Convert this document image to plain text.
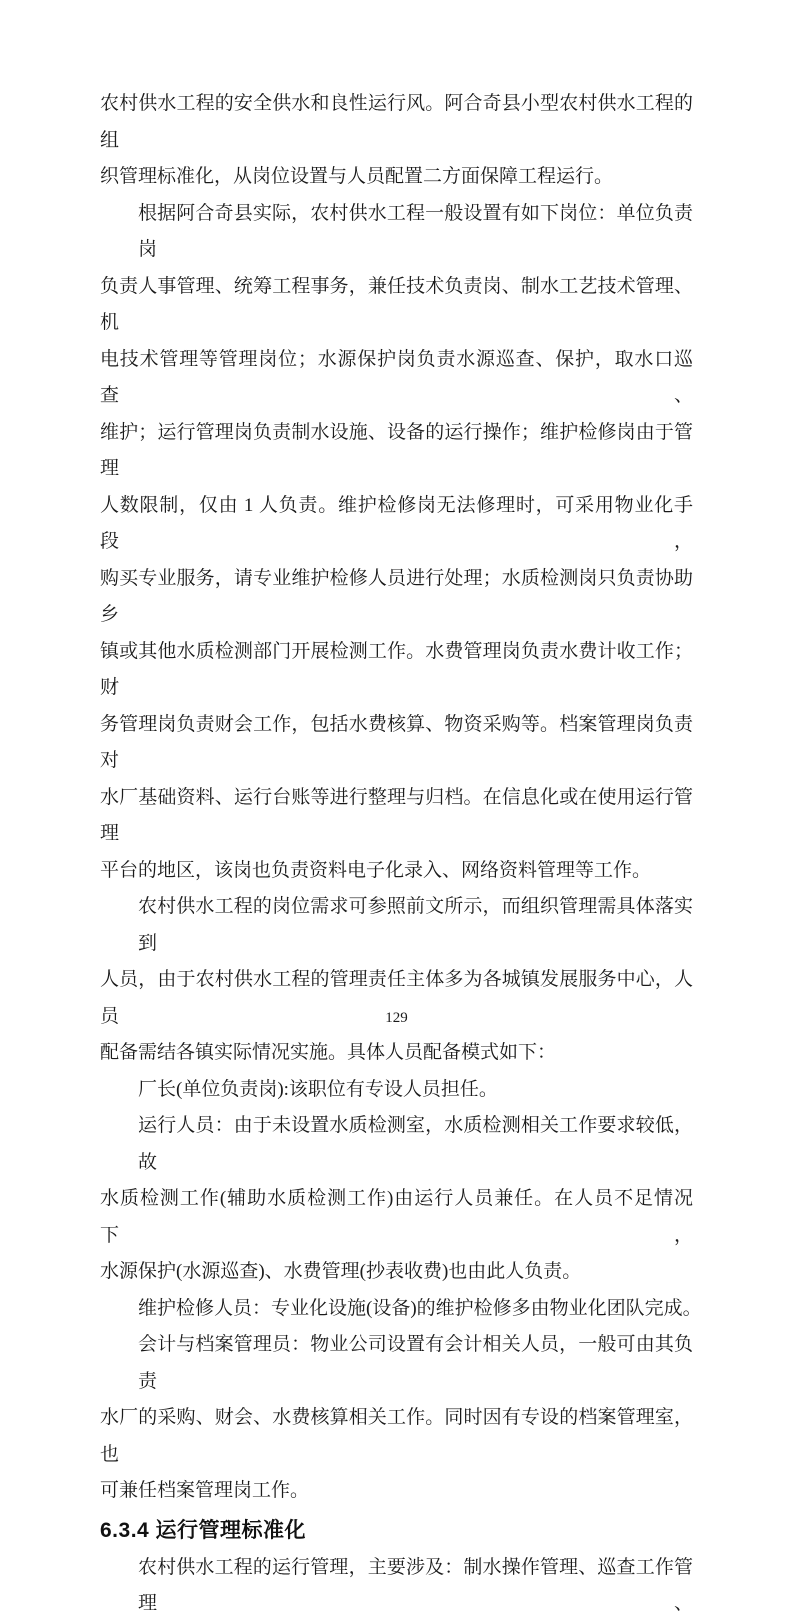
农村供水工程的安全供水和良性运行风。阿合奇县小型农村供水工程的组
织管理标准化，从岗位设置与人员配置二方面保障工程运行。
根据阿合奇县实际，农村供水工程一般设置有如下岗位：单位负责岗
负责人事管理、统筹工程事务，兼任技术负责岗、制水工艺技术管理、机
电技术管理等管理岗位；水源保护岗负责水源巡查、保护，取水口巡查、
维护；运行管理岗负责制水设施、设备的运行操作；维护检修岗由于管理
人数限制，仅由 1 人负责。维护检修岗无法修理时，可采用物业化手段，
购买专业服务，请专业维护检修人员进行处理；水质检测岗只负责协助乡
镇或其他水质检测部门开展检测工作。水费管理岗负责水费计收工作；财
务管理岗负责财会工作，包括水费核算、物资采购等。档案管理岗负责对
水厂基础资料、运行台账等进行整理与归档。在信息化或在使用运行管理
平台的地区，该岗也负责资料电子化录入、网络资料管理等工作。
农村供水工程的岗位需求可参照前文所示，而组织管理需具体落实到
人员，由于农村供水工程的管理责任主体多为各城镇发展服务中心，人员
配备需结各镇实际情况实施。具体人员配备模式如下：
厂长(单位负责岗):该职位有专设人员担任。
运行人员：由于未设置水质检测室，水质检测相关工作要求较低，故
水质检测工作(辅助水质检测工作)由运行人员兼任。在人员不足情况下，
水源保护(水源巡查)、水费管理(抄表收费)也由此人负责。
维护检修人员：专业化设施(设备)的维护检修多由物业化团队完成。
会计与档案管理员：物业公司设置有会计相关人员，一般可由其负责
水厂的采购、财会、水费核算相关工作。同时因有专设的档案管理室，也
可兼任档案管理岗工作。
6.3.4 运行管理标准化
农村供水工程的运行管理，主要涉及：制水操作管理、巡查工作管理、
129
